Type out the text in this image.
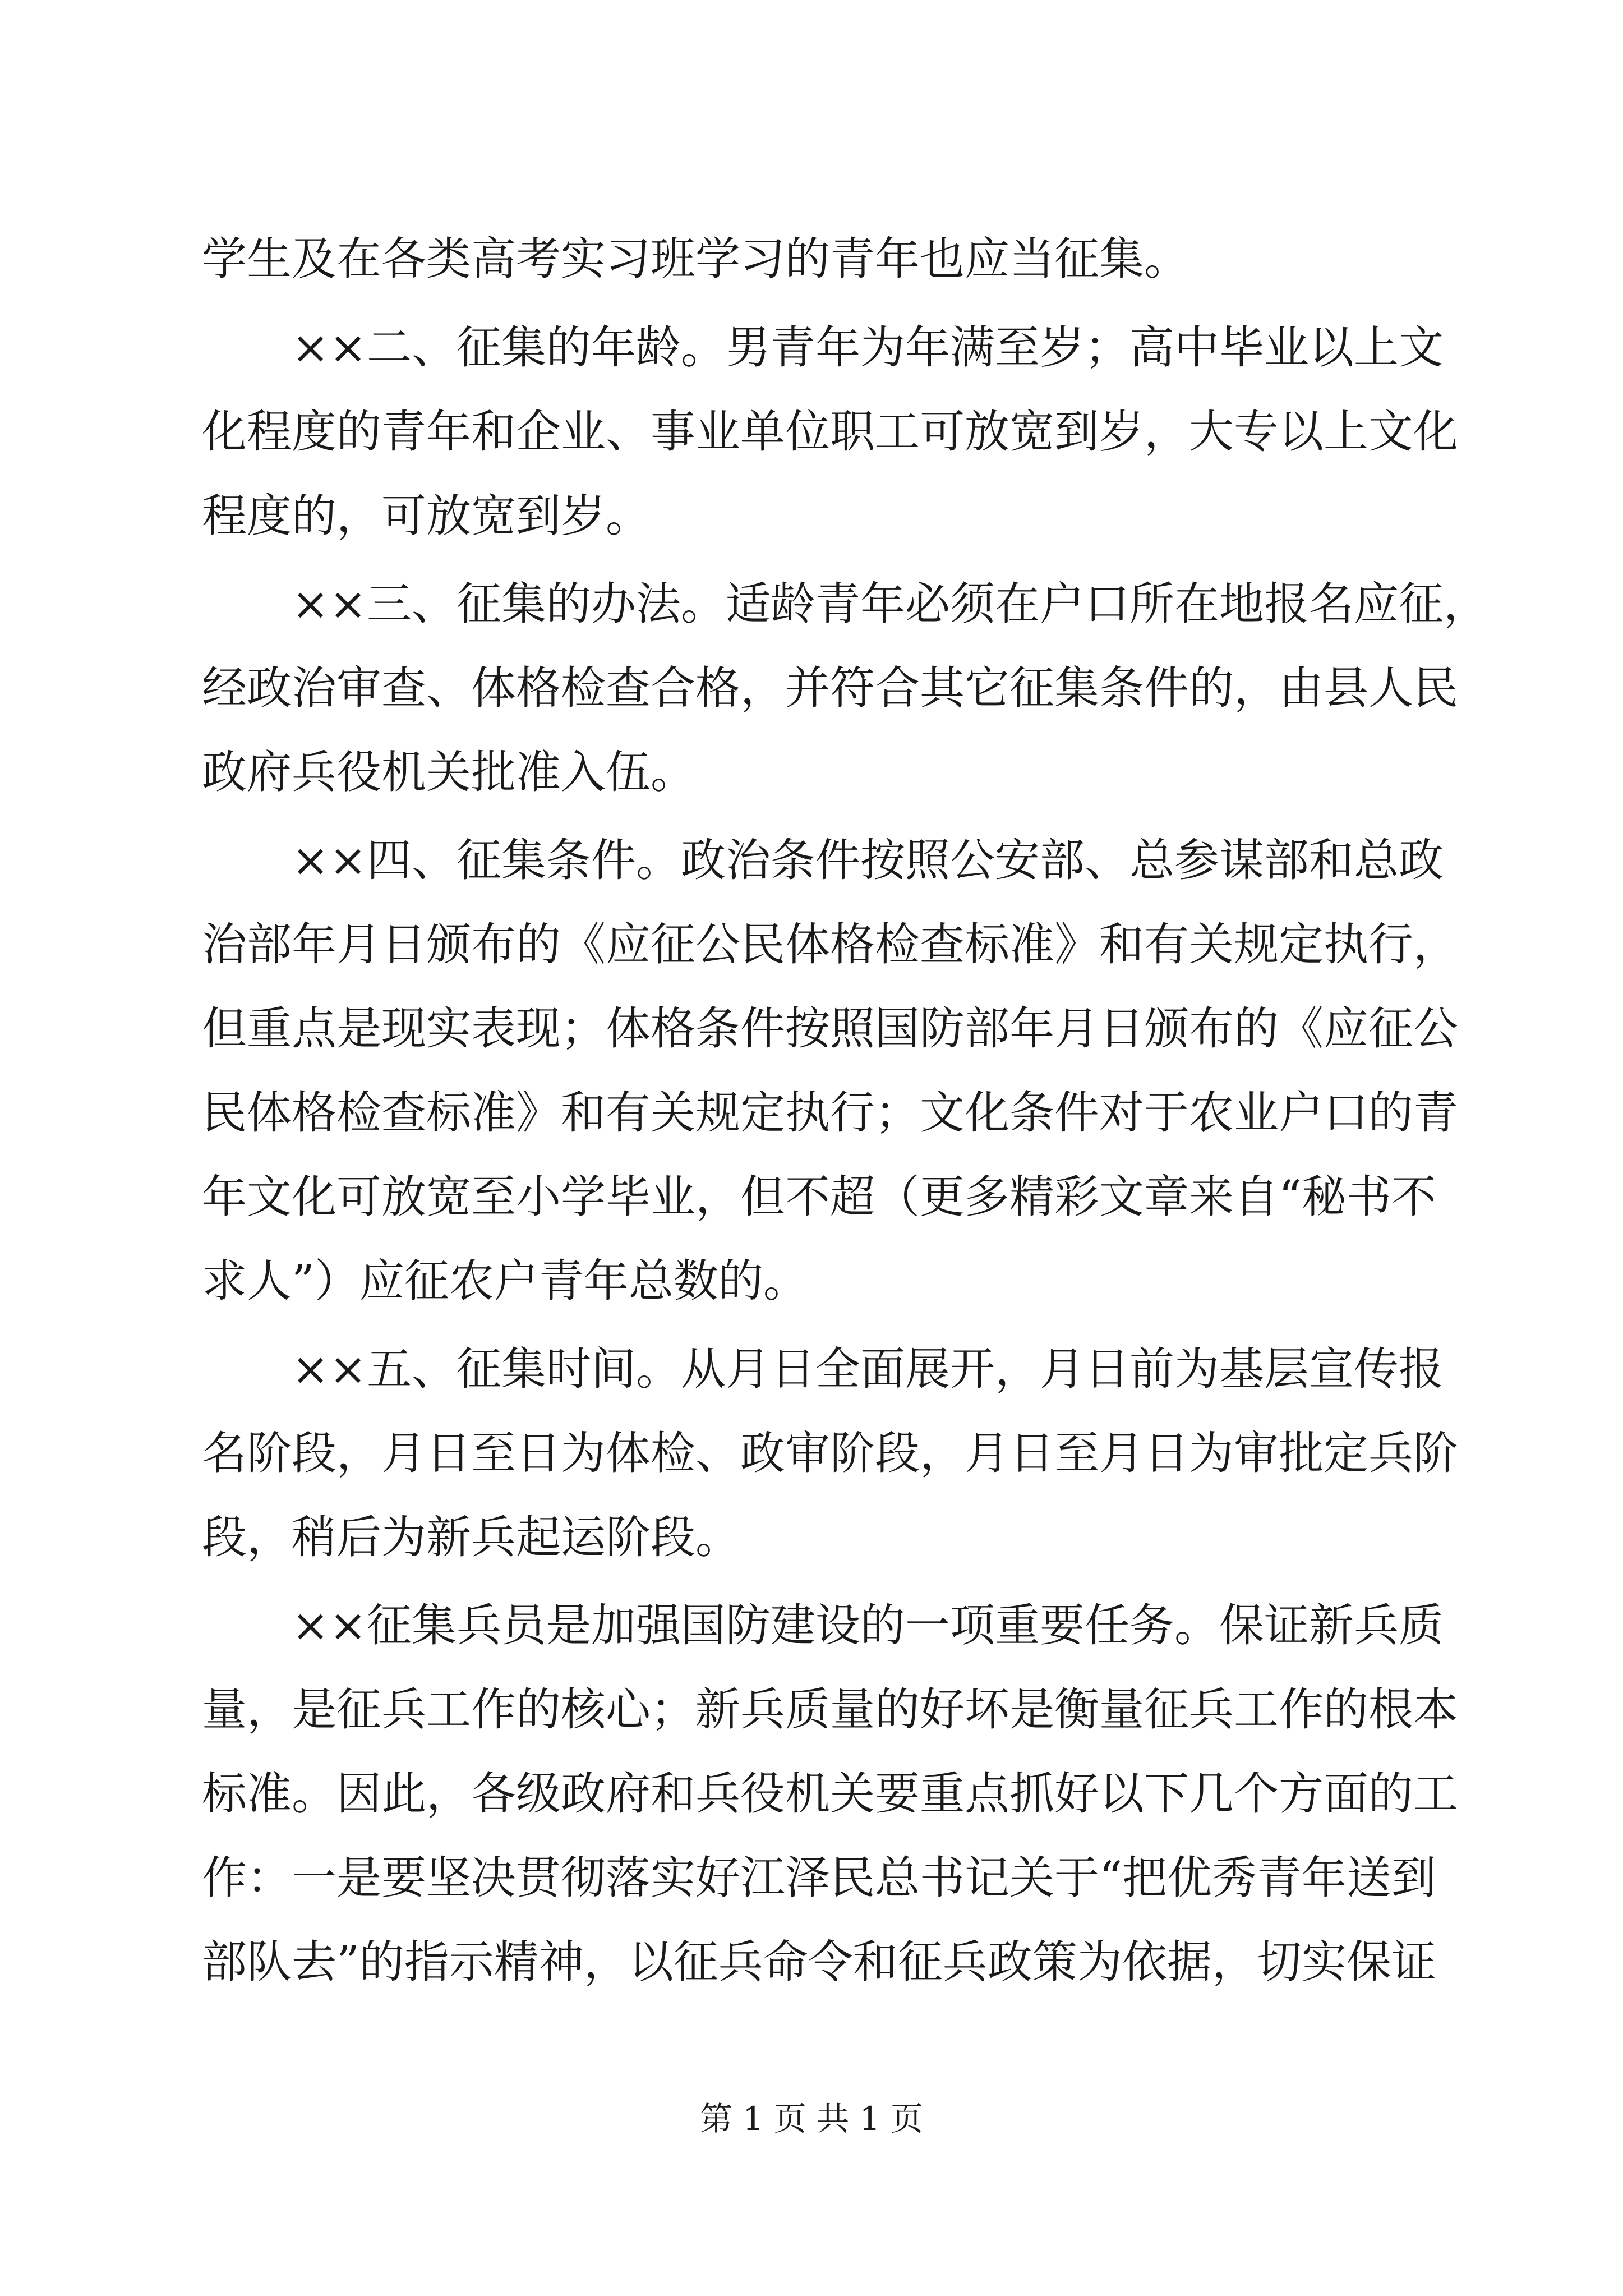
学生及在各类高考实习班学习的青年也应当征集。
　　××二、征集的年龄。男青年为年满至岁；高中毕业以上文
化程度的青年和企业、事业单位职工可放宽到岁，大专以上文化
程度的，可放宽到岁。
　　××三、征集的办法。适龄青年必须在户口所在地报名应征，
经政治审查、体格检查合格，并符合其它征集条件的，由县人民
政府兵役机关批准入伍。
　　××四、征集条件。政治条件按照公安部、总参谋部和总政
治部年月日颁布的《应征公民体格检查标准》和有关规定执行，
但重点是现实表现；体格条件按照国防部年月日颁布的《应征公
民体格检查标准》和有关规定执行；文化条件对于农业户口的青
年文化可放宽至小学毕业，但不超（更多精彩文章来自“秘书不
求人”）应征农户青年总数的。
　　××五、征集时间。从月日全面展开，月日前为基层宣传报
名阶段，月日至日为体检、政审阶段，月日至月日为审批定兵阶
段，稍后为新兵起运阶段。
　　××征集兵员是加强国防建设的一项重要任务。保证新兵质
量，是征兵工作的核心；新兵质量的好坏是衡量征兵工作的根本
标准。因此，各级政府和兵役机关要重点抓好以下几个方面的工
作：一是要坚决贯彻落实好江泽民总书记关于“把优秀青年送到
部队去”的指示精神，以征兵命令和征兵政策为依据，切实保证
第 1 页 共 1 页
